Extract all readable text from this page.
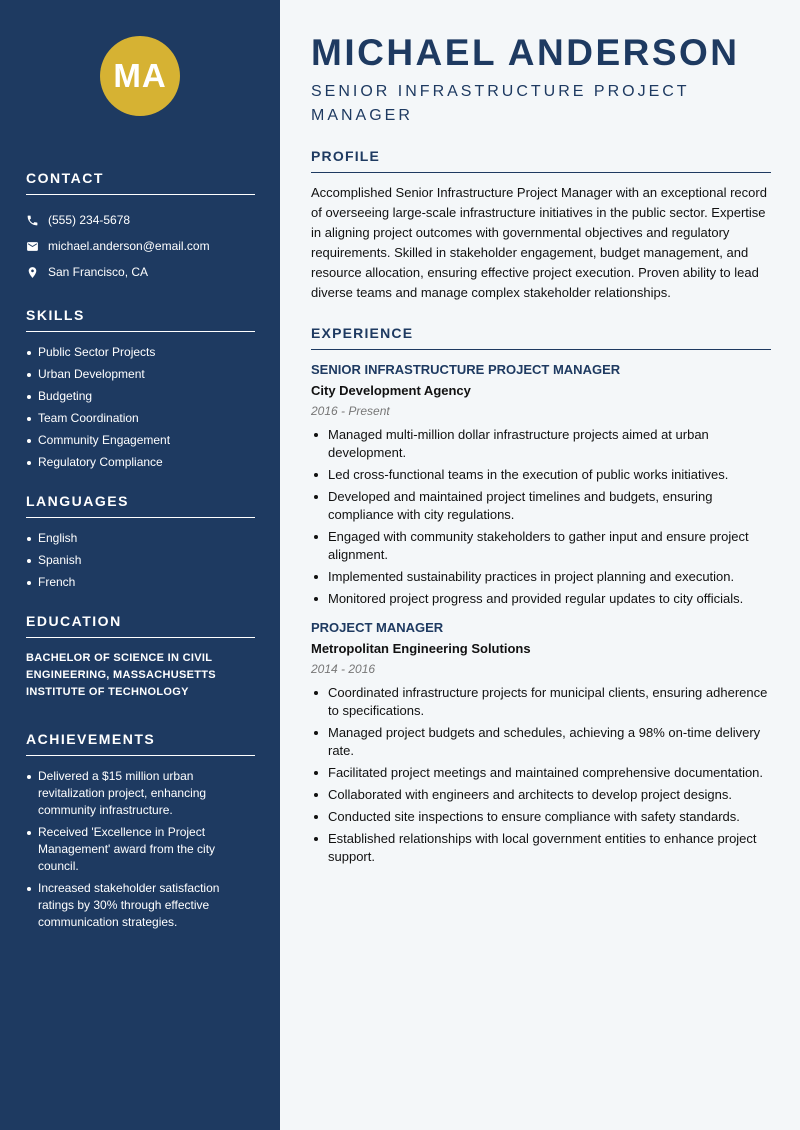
MA
CONTACT
(555) 234-5678
michael.anderson@email.com
San Francisco, CA
SKILLS
Public Sector Projects
Urban Development
Budgeting
Team Coordination
Community Engagement
Regulatory Compliance
LANGUAGES
English
Spanish
French
EDUCATION
BACHELOR OF SCIENCE IN CIVIL ENGINEERING, MASSACHUSETTS INSTITUTE OF TECHNOLOGY
ACHIEVEMENTS
Delivered a $15 million urban revitalization project, enhancing community infrastructure.
Received 'Excellence in Project Management' award from the city council.
Increased stakeholder satisfaction ratings by 30% through effective communication strategies.
MICHAEL ANDERSON
SENIOR INFRASTRUCTURE PROJECT MANAGER
PROFILE

Accomplished Senior Infrastructure Project Manager with an exceptional record of overseeing large-scale infrastructure initiatives in the public sector. Expertise in aligning project outcomes with governmental objectives and regulatory requirements. Skilled in stakeholder engagement, budget management, and resource allocation, ensuring effective project execution. Proven ability to lead diverse teams and manage complex stakeholder relationships.

EXPERIENCE
SENIOR INFRASTRUCTURE PROJECT MANAGER
City Development Agency
2016 - Present
Managed multi-million dollar infrastructure projects aimed at urban development.
Led cross-functional teams in the execution of public works initiatives.
Developed and maintained project timelines and budgets, ensuring compliance with city regulations.
Engaged with community stakeholders to gather input and ensure project alignment.
Implemented sustainability practices in project planning and execution.
Monitored project progress and provided regular updates to city officials.
PROJECT MANAGER
Metropolitan Engineering Solutions
2014 - 2016
Coordinated infrastructure projects for municipal clients, ensuring adherence to specifications.
Managed project budgets and schedules, achieving a 98% on-time delivery rate.
Facilitated project meetings and maintained comprehensive documentation.
Collaborated with engineers and architects to develop project designs.
Conducted site inspections to ensure compliance with safety standards.
Established relationships with local government entities to enhance project support.
